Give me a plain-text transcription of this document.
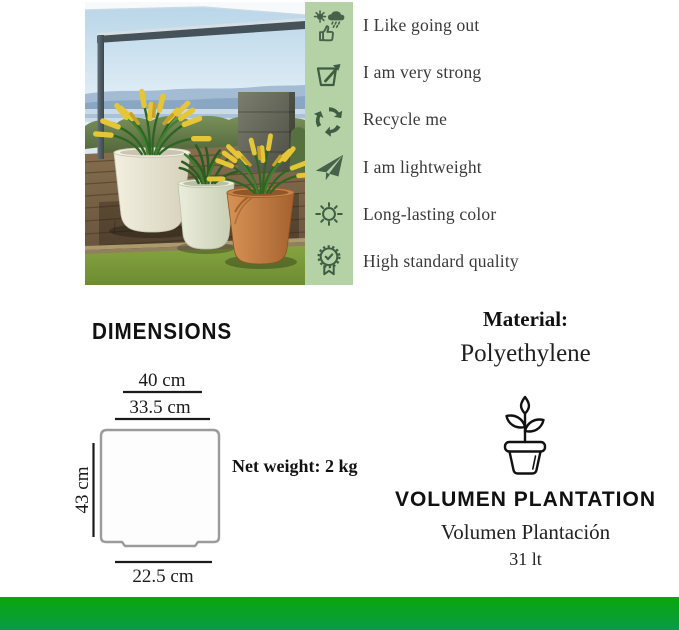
I Like going out
I am very strong
Recycle me
I am lightweight
Long-lasting color
High standard quality
DIMENSIONS
40 cm
33.5 cm
43 cm
22.5 cm
Net weight: 2 kg
Material:
Polyethylene
VOLUMEN PLANTATION
Volumen Plantación
31 lt
